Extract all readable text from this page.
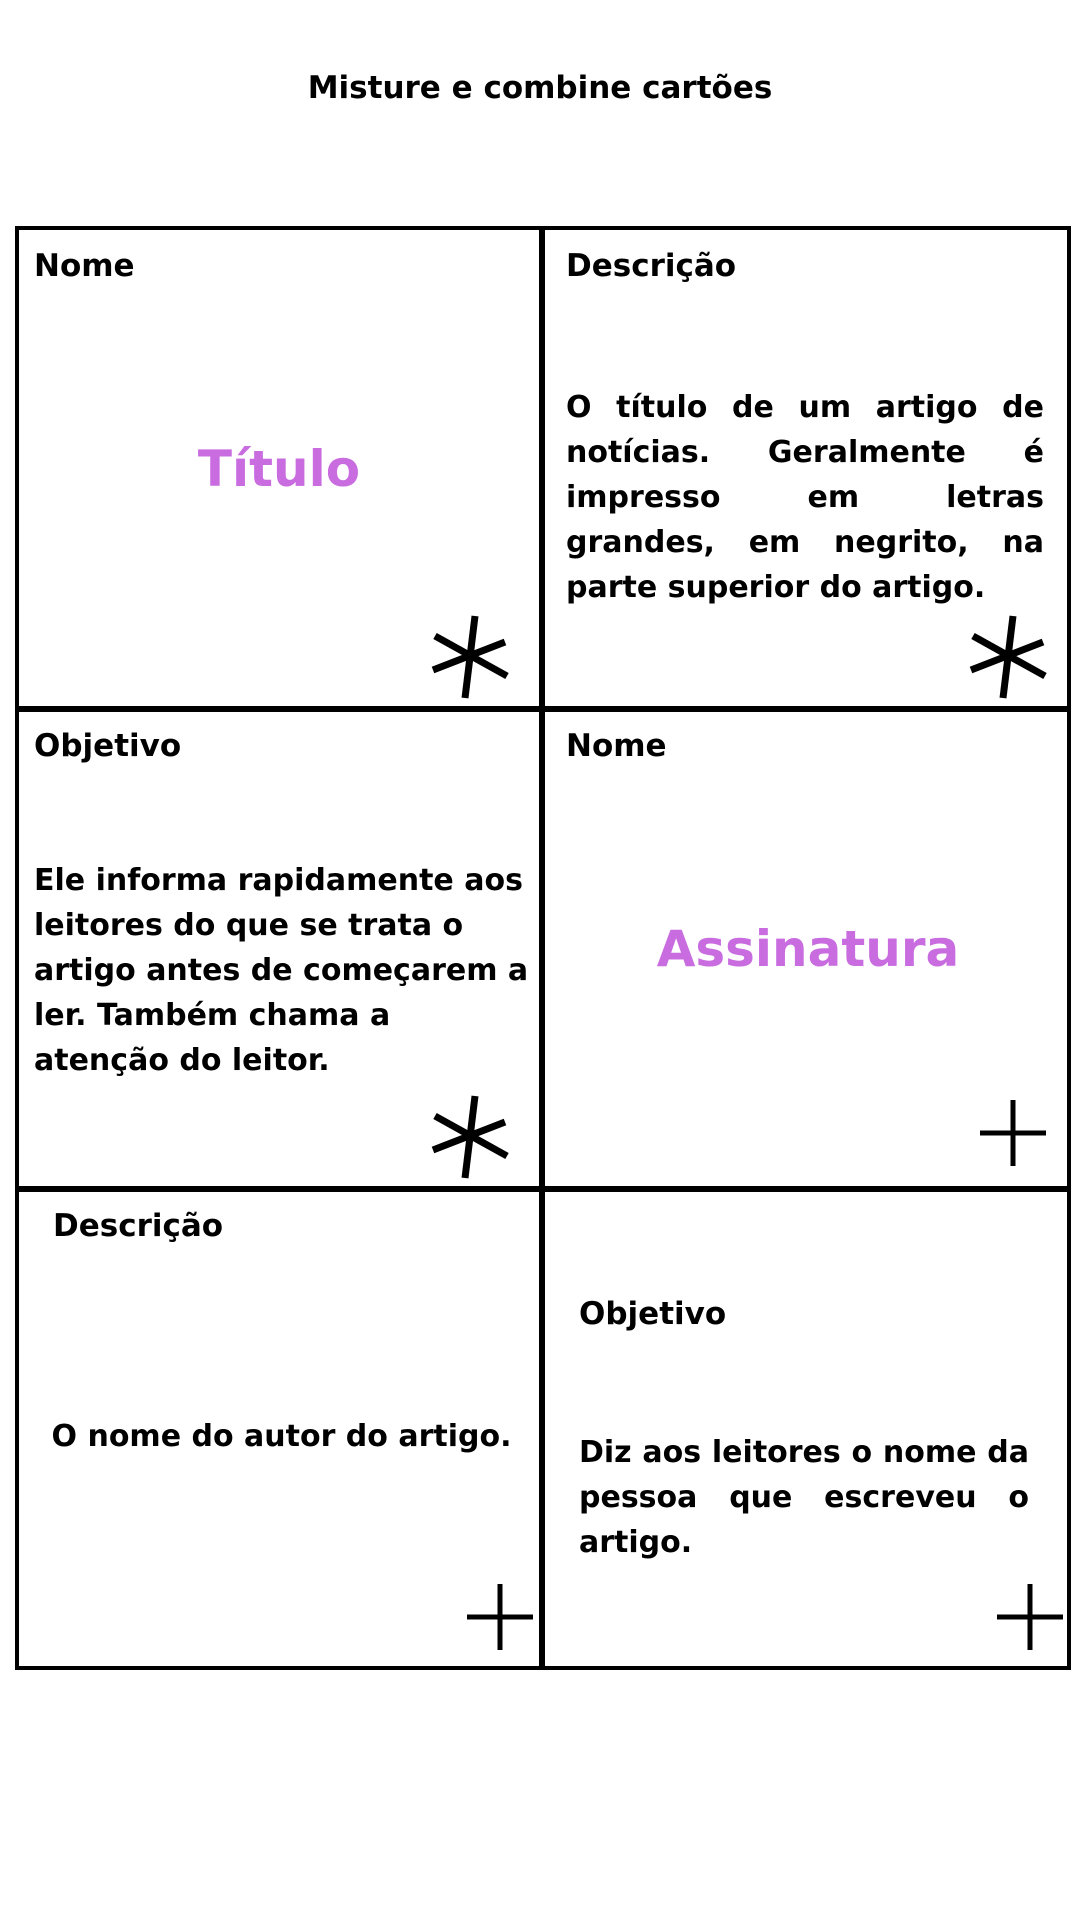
Misture e combine cartões
Nome
Título
Descrição
O título de um artigo de notícias. Geralmente é impresso em letras grandes, em negrito, na parte superior do artigo.
Objetivo
Ele informa rapidamente aos leitores do que se trata o artigo antes de começarem a ler. Também chama a atenção do leitor.
Nome
Assinatura
Descrição
O nome do autor do artigo.
Objetivo
Diz aos leitores o nome da pessoa que escreveu o artigo.
